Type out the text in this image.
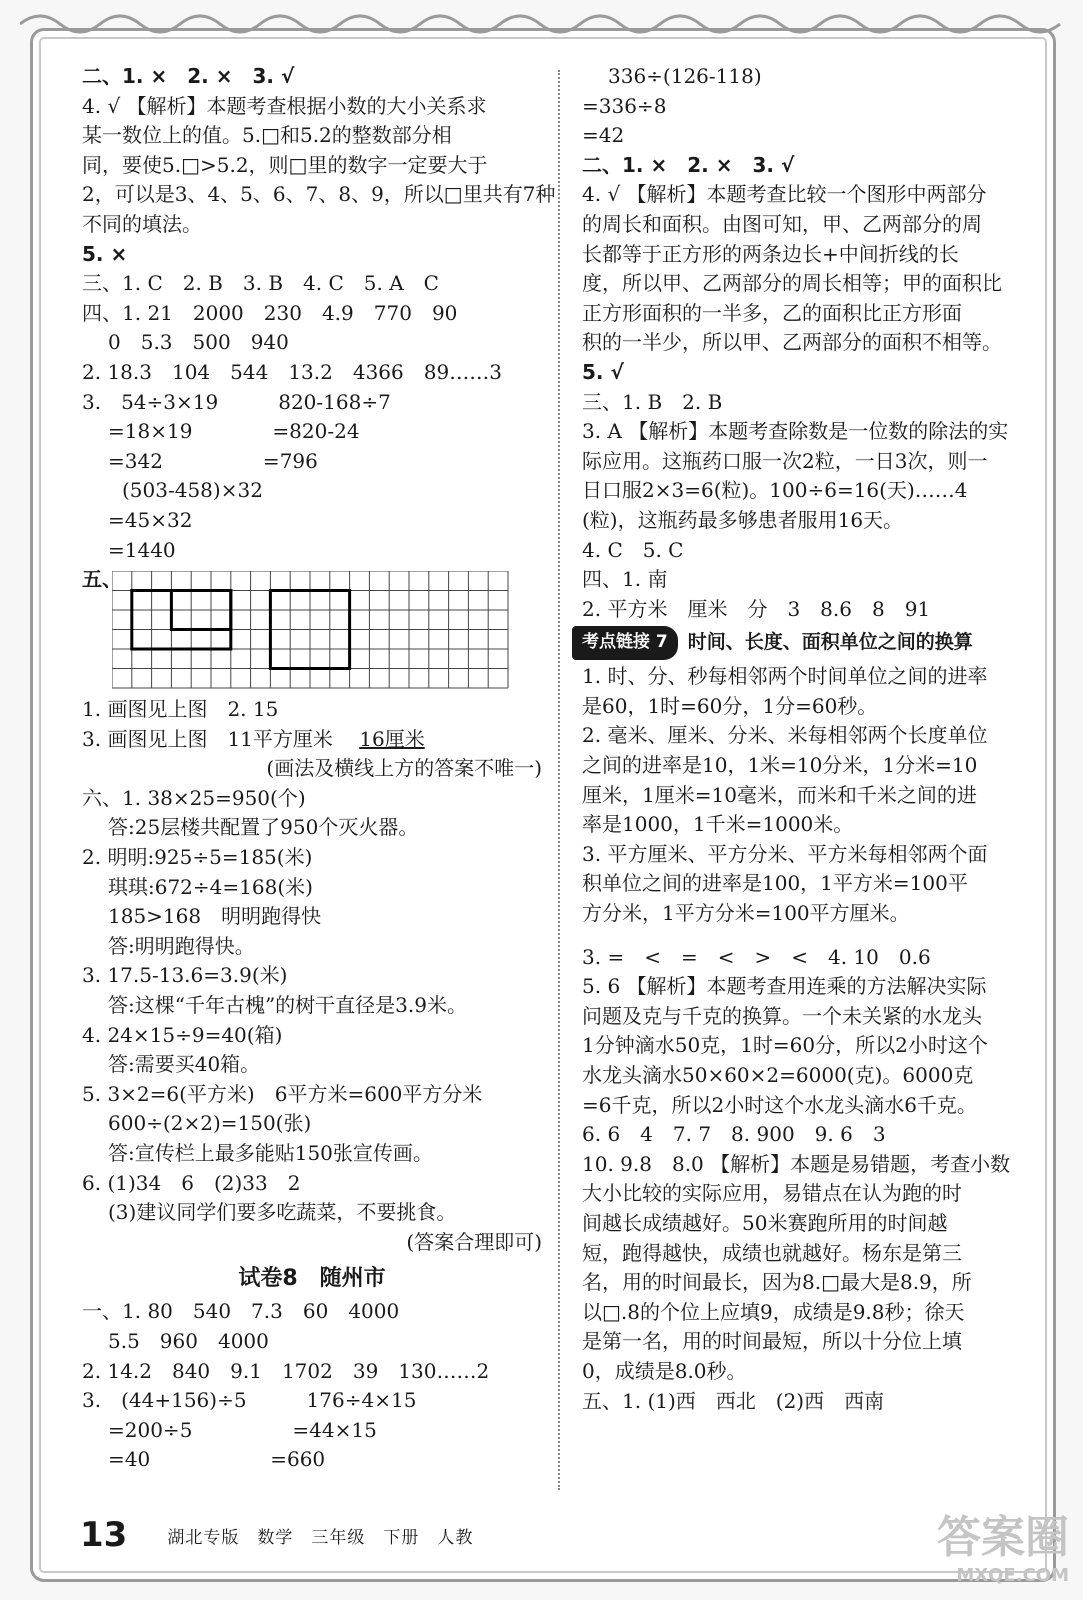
二、1. ×　2. ×　3. √
4. √ 【解析】本题考查根据小数的大小关系求
某一数位上的值。5.□和5.2的整数部分相
同，要使5.□>5.2，则□里的数字一定要大于
2，可以是3、4、5、6、7、8、9，所以□里共有7种
不同的填法。
5. ×
三、1. C　2. B　3. B　4. C　5. A　C
四、1. 21　2000　230　4.9　770　90
0　5.3　500　940
2. 18.3　104　544　13.2　4366　89……3
3.　54÷3×19　　　820-168÷7
=18×19　　　　=820-24
=342　　　　　=796
(503-458)×32
=45×32
=1440
五、
1. 画图见上图　2. 15
3. 画图见上图　11平方厘米 　 16厘米
(画法及横线上方的答案不唯一)
六、1. 38×25=950(个)
答:25层楼共配置了950个灭火器。
2. 明明:925÷5=185(米)
琪琪:672÷4=168(米)
185>168　明明跑得快
答:明明跑得快。
3. 17.5-13.6=3.9(米)
答:这棵“千年古槐”的树干直径是3.9米。
4. 24×15÷9=40(箱)
答:需要买40箱。
5. 3×2=6(平方米)　6平方米=600平方分米
600÷(2×2)=150(张)
答:宣传栏上最多能贴150张宣传画。
6. (1)34　6　(2)33　2
(3)建议同学们要多吃蔬菜，不要挑食。
(答案合理即可)
试卷8　随州市
一、1. 80　540　7.3　60　4000
5.5　960　4000
2. 14.2　840　9.1　1702　39　130……2
3.　(44+156)÷5　　　176÷4×15
=200÷5　　　　　=44×15
=40　　　　　　=660
336÷(126-118)
=336÷8
=42
二、1. ×　2. ×　3. √
4. √ 【解析】本题考查比较一个图形中两部分
的周长和面积。由图可知，甲、乙两部分的周
长都等于正方形的两条边长+中间折线的长
度，所以甲、乙两部分的周长相等；甲的面积比
正方形面积的一半多，乙的面积比正方形面
积的一半少，所以甲、乙两部分的面积不相等。
5. √
三、1. B　2. B
3. A 【解析】本题考查除数是一位数的除法的实
际应用。这瓶药口服一次2粒，一日3次，则一
日口服2×3=6(粒)。100÷6=16(天)……4
(粒)，这瓶药最多够患者服用16天。
4. C　5. C
四、1. 南
2. 平方米　厘米　分　3　8.6　8　91
考点链接 7	时间、长度、面积单位之间的换算
1. 时、分、秒每相邻两个时间单位之间的进率
是60，1时=60分，1分=60秒。
2. 毫米、厘米、分米、米每相邻两个长度单位
之间的进率是10，1米=10分米，1分米=10
厘米，1厘米=10毫米，而米和千米之间的进
率是1000，1千米=1000米。
3. 平方厘米、平方分米、平方米每相邻两个面
积单位之间的进率是100，1平方米=100平
方分米，1平方分米=100平方厘米。
3. =　<　=　<　>　<　4. 10　0.6
5. 6 【解析】本题考查用连乘的方法解决实际
问题及克与千克的换算。一个未关紧的水龙头
1分钟滴水50克，1时=60分，所以2小时这个
水龙头滴水50×60×2=6000(克)。6000克
=6千克，所以2小时这个水龙头滴水6千克。
6. 6　4　7. 7　8. 900　9. 6　3
10. 9.8　8.0 【解析】本题是易错题，考查小数
大小比较的实际应用，易错点在认为跑的时
间越长成绩越好。50米赛跑所用的时间越
短，跑得越快，成绩也就越好。杨东是第三
名，用的时间最长，因为8.□最大是8.9，所
以□.8的个位上应填9，成绩是9.8秒；徐天
是第一名，用的时间最短，所以十分位上填
0，成绩是8.0秒。
五、1. (1)西　西北　(2)西　西南
13 湖北专版　数学　三年级　下册　人教	答案圈
MXQE.COM
